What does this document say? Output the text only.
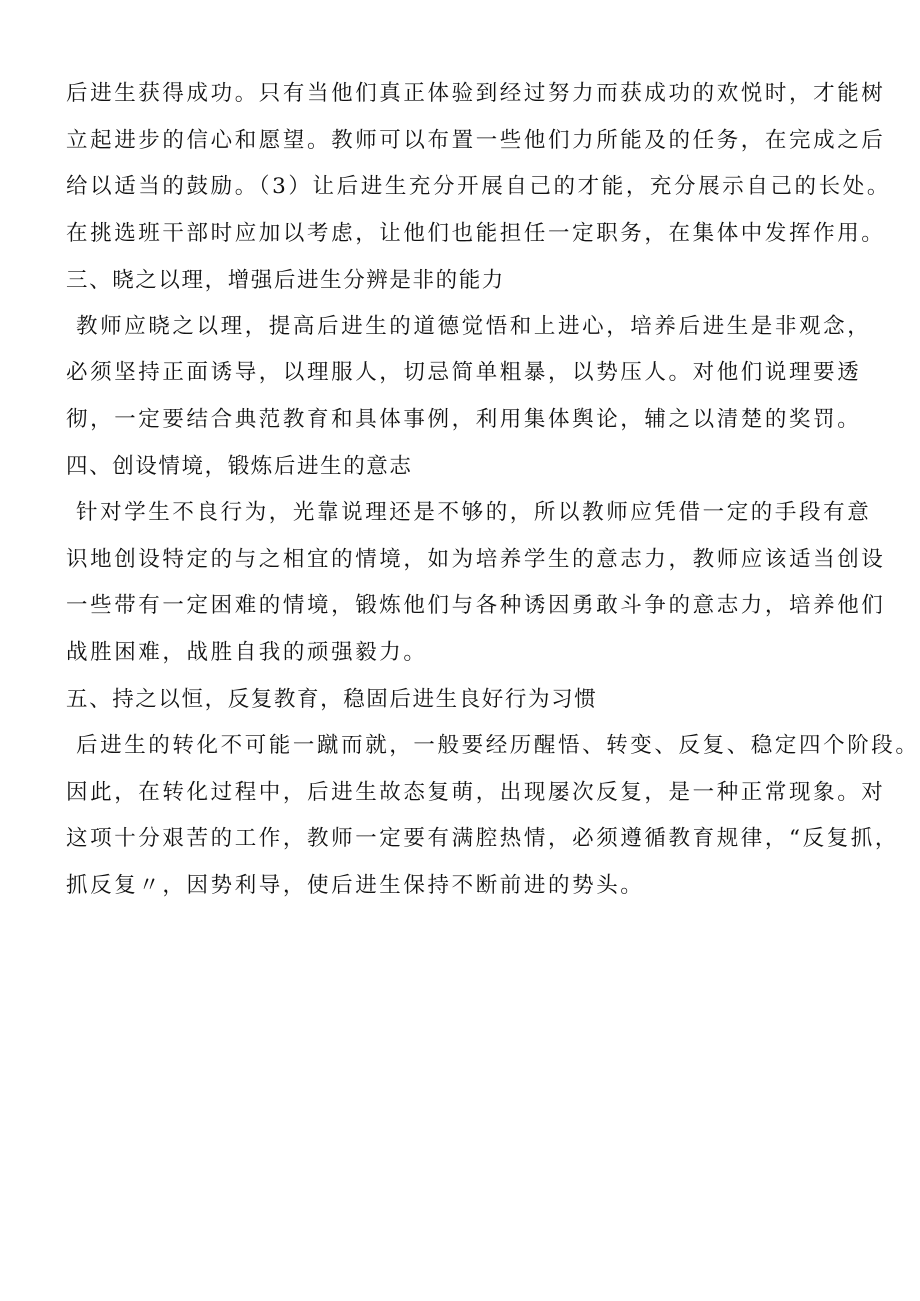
后进生获得成功。只有当他们真正体验到经过努力而获成功的欢悦时，才能树
立起进步的信心和愿望。教师可以布置一些他们力所能及的任务，在完成之后
给以适当的鼓励。（3）让后进生充分开展自己的才能，充分展示自己的长处。
在挑选班干部时应加以考虑，让他们也能担任一定职务，在集体中发挥作用。
三、晓之以理，增强后进生分辨是非的能力
教师应晓之以理，提高后进生的道德觉悟和上进心，培养后进生是非观念，
必须坚持正面诱导，以理服人，切忌简单粗暴，以势压人。对他们说理要透
彻，一定要结合典范教育和具体事例，利用集体舆论，辅之以清楚的奖罚。
四、创设情境，锻炼后进生的意志
针对学生不良行为，光靠说理还是不够的，所以教师应凭借一定的手段有意
识地创设特定的与之相宜的情境，如为培养学生的意志力，教师应该适当创设
一些带有一定困难的情境，锻炼他们与各种诱因勇敢斗争的意志力，培养他们
战胜困难，战胜自我的顽强毅力。
五、持之以恒，反复教育，稳固后进生良好行为习惯
后进生的转化不可能一蹴而就，一般要经历醒悟、转变、反复、稳定四个阶段。
因此，在转化过程中，后进生故态复萌，出现屡次反复，是一种正常现象。对
这项十分艰苦的工作，教师一定要有满腔热情，必须遵循教育规律，“反复抓，
抓反复〃，因势利导，使后进生保持不断前进的势头。
